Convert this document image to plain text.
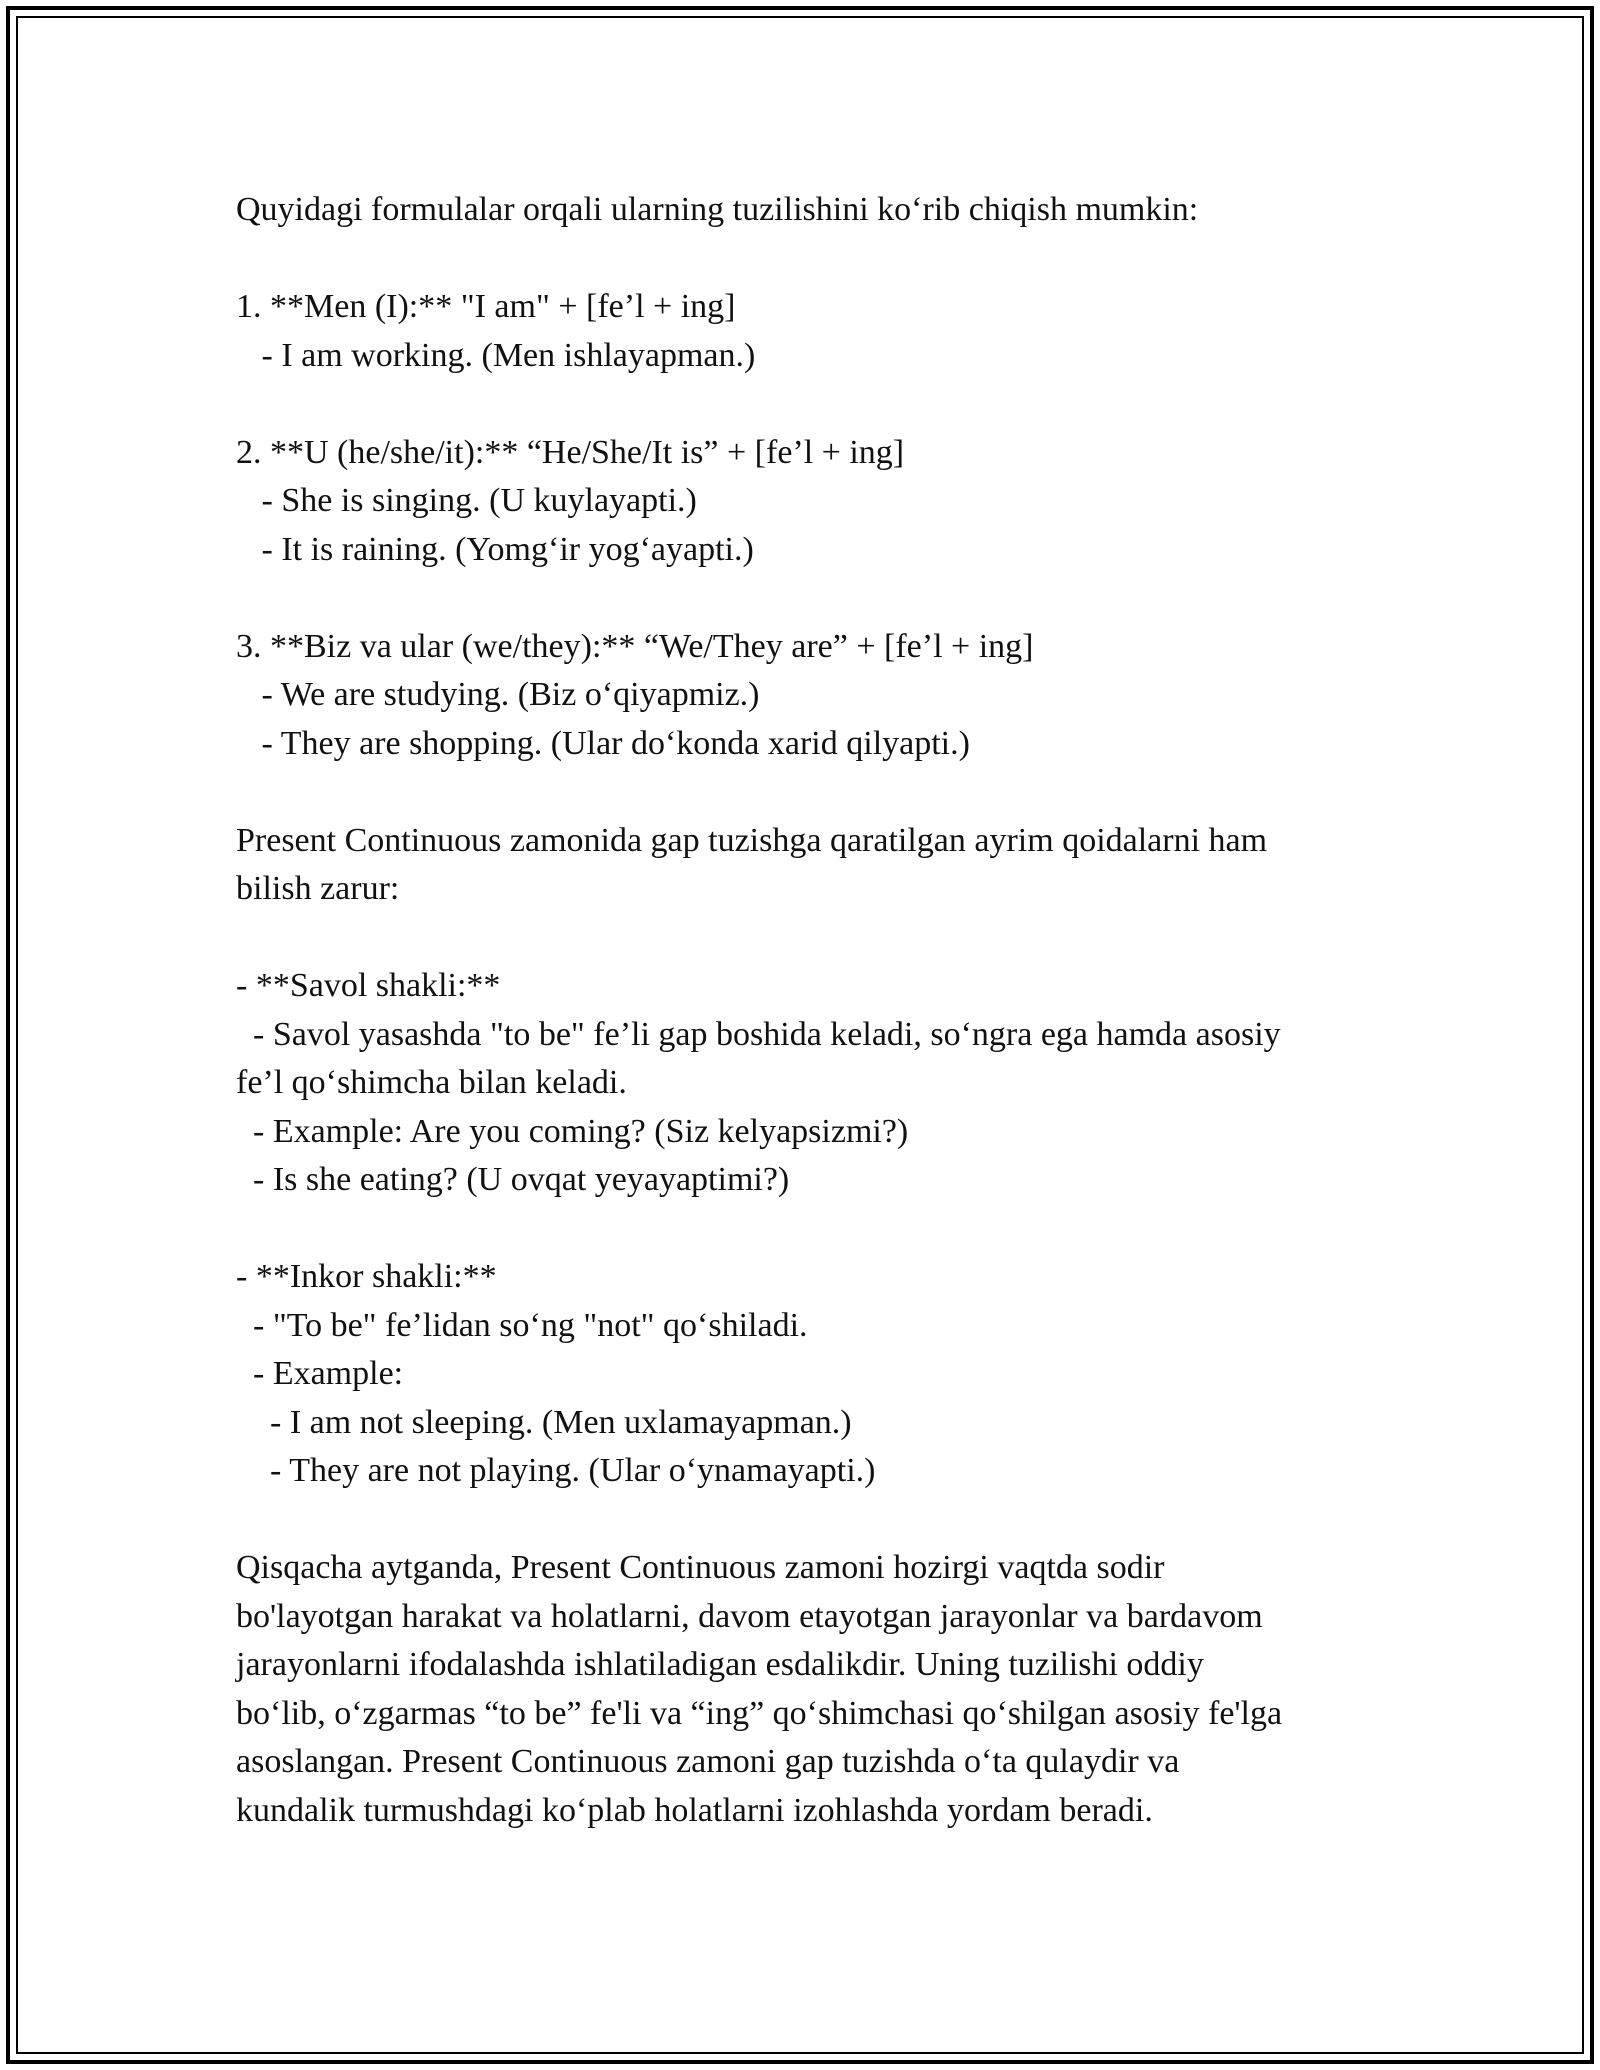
Quyidagi formulalar orqali ularning tuzilishini ko‘rib chiqish mumkin:
1. **Men (I):** "I am" + [fe’l + ing]
- I am working. (Men ishlayapman.)
2. **U (he/she/it):** “He/She/It is” + [fe’l + ing]
- She is singing. (U kuylayapti.)
- It is raining. (Yomg‘ir yog‘ayapti.)
3. **Biz va ular (we/they):** “We/They are” + [fe’l + ing]
- We are studying. (Biz o‘qiyapmiz.)
- They are shopping. (Ular do‘konda xarid qilyapti.)
Present Continuous zamonida gap tuzishga qaratilgan ayrim qoidalarni ham
bilish zarur:
- **Savol shakli:**
- Savol yasashda "to be" fe’li gap boshida keladi, so‘ngra ega hamda asosiy
fe’l qo‘shimcha bilan keladi.
- Example: Are you coming? (Siz kelyapsizmi?)
- Is she eating? (U ovqat yeyayaptimi?)
- **Inkor shakli:**
- "To be" fe’lidan so‘ng "not" qo‘shiladi.
- Example:
- I am not sleeping. (Men uxlamayapman.)
- They are not playing. (Ular o‘ynamayapti.)
Qisqacha aytganda, Present Continuous zamoni hozirgi vaqtda sodir
bo'layotgan harakat va holatlarni, davom etayotgan jarayonlar va bardavom
jarayonlarni ifodalashda ishlatiladigan esdalikdir. Uning tuzilishi oddiy
bo‘lib, o‘zgarmas “to be” fe'li va “ing” qo‘shimchasi qo‘shilgan asosiy fe'lga
asoslangan. Present Continuous zamoni gap tuzishda o‘ta qulaydir va
kundalik turmushdagi ko‘plab holatlarni izohlashda yordam beradi.
